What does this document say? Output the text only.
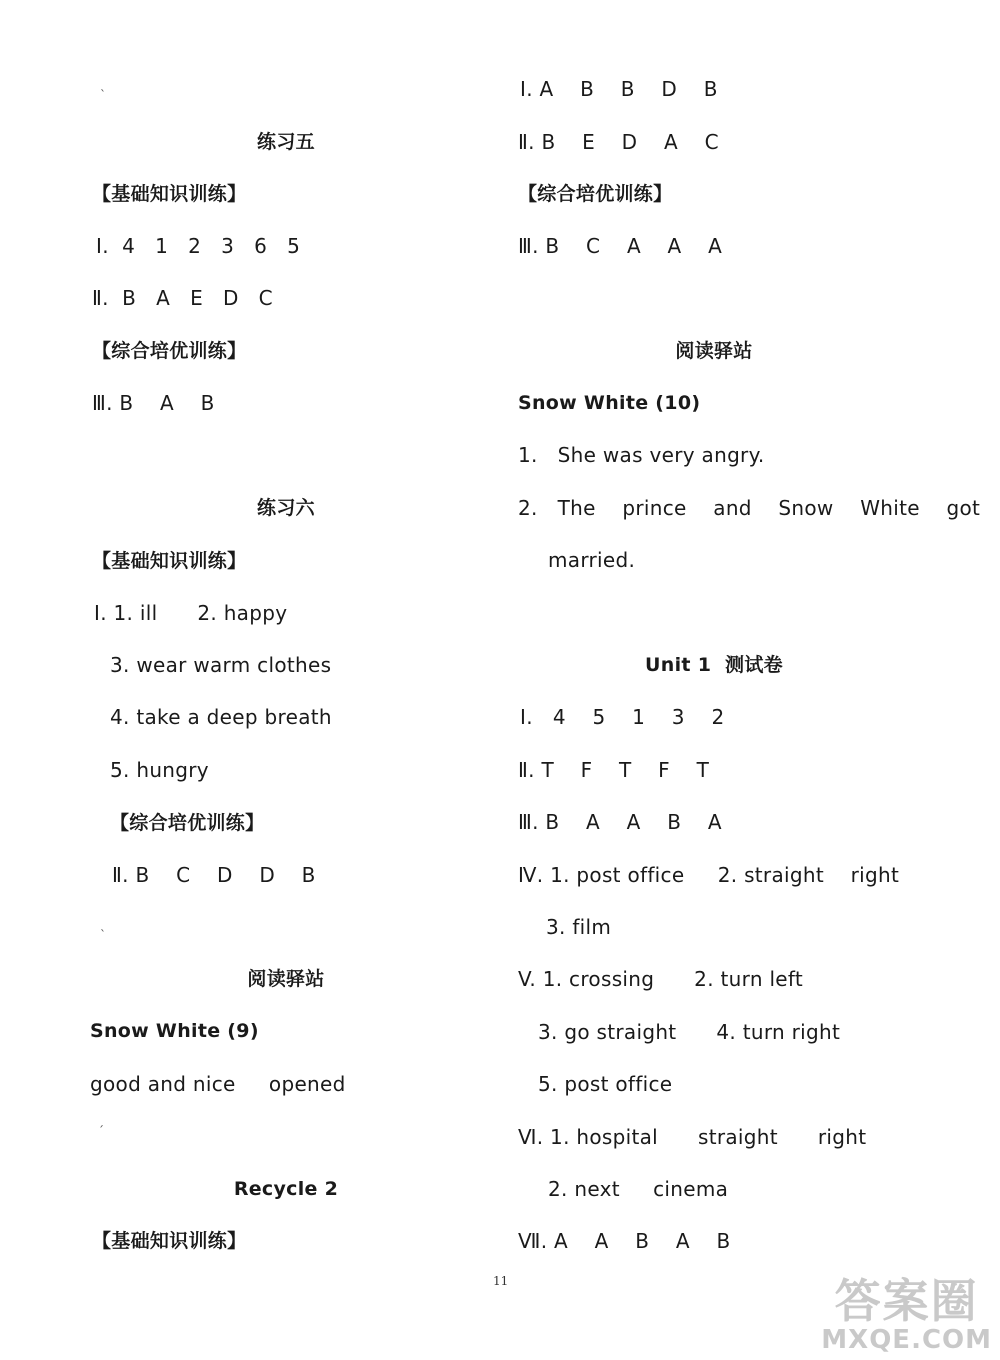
ˋ
ˋ
ˊ
练习五
【基础知识训练】
Ⅰ.  4   1   2   3   6   5
Ⅱ.  B   A   E   D   C
【综合培优训练】
Ⅲ. B    A    B
练习六
【基础知识训练】
Ⅰ. 1. ill      2. happy
3. wear warm clothes
4. take a deep breath
5. hungry
【综合培优训练】
Ⅱ. B    C    D    D    B
阅读驿站
Snow White (9)
good and nice     opened
Recycle 2
【基础知识训练】
Ⅰ. A    B    B    D    B
Ⅱ. B    E    D    A    C
【综合培优训练】
Ⅲ. B    C    A    A    A
阅读驿站
Snow White (10)
1.   She was very angry.
2.   The    prince    and    Snow    White    got
married.
Unit 1  测试卷
Ⅰ.   4    5    1    3    2
Ⅱ. T    F    T    F    T
Ⅲ. B    A    A    B    A
Ⅳ. 1. post office     2. straight    right
3. film
V. 1. crossing      2. turn left
3. go straight      4. turn right
5. post office
Ⅵ. 1. hospital      straight      right
2. next     cinema
Ⅶ. A    A    B    A    B
11	答案圈
MXQE.COM
